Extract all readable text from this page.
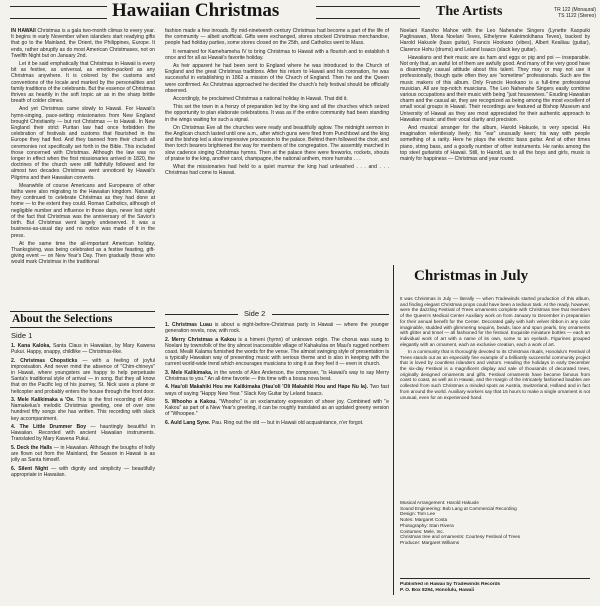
Hawaiian Christmas	The Artists	TR 122 (Monaural)
TS 1122 (Stereo)

IN HAWAII Christmas is a gala two-month climax to every year. It begins in early November when islanders start readying gifts that go to the Mainland, the Orient, the Philippines, Europe. It ends, rather abruptly as do most American Christmases, not on Twelfth Night but on January 2nd.

Let it be said emphatically that Christmas in Hawaii is every bit as festive, as universal, as emotion-packed as any Christmas anywhere. It is colored by the customs and conventions of the locale and marked by the personalities and family traditions of the celebrants. But the essence of Christmas thrives as heartily in the soft tropic air as in the sharp brittle breath of colder climes.

And yet Christmas came slowly to Hawaii. For Hawaii's hymn-singing, pace-setting missionaries from New England brought Christianity — but not Christmas — to Hawaii. In New England their strict Puritan law had once forbidden the celebration of festivals and customs that flourished in the Europe they had fled. And they banned from their church all ceremonies not specifically set forth in the Bible. This included those concerned with Christmas. Although the law was no longer in effect when the first missionaries arrived in 1820, the doctrines of the church were still faithfully followed and for almost two decades Christmas went unnoticed by Hawaii's Pilgrims and their Hawaiian converts.

Meanwhile of course Americans and Europeans of other faiths were also migrating to the Hawaiian kingdom. Naturally they continued to celebrate Christmas as they had done at home — to the extent they could. Roman Catholics, although of negligible number and influence in those days, never lost sight of the fact that Christmas was the anniversary of the Savior's birth. But Christmas went largely undeserved. It was a business-as-usual day and no notice was made of it in the press.

At the same time the all-important American holiday, Thanksgiving, was being celebrated as a festive feasting, gift-giving event — on New Year's Day. Then gradually those who would mark Christmas in the traditional

fashion made a few inroads. By mid-nineteenth century Christmas had become a part of the life of the community — albeit unofficial. Gifts were exchanged, stores stocked Christmas merchandise, people had holiday parties, some stores closed on the 25th, and Catholics went to Mass.

It remained for Kamehameha IV to bring Christmas to Hawaii with a flourish and to establish it once and for all as Hawaii's favorite holiday.

As heir apparent he had been sent to England where he was introduced to the Church of England and the great Christmas traditions. After his return to Hawaii and his coronation, he was successful in establishing in 1862 a mission of the Church of England. Then he and the Queen were confirmed. As Christmas approached he decided the church's holy festival should be officially observed.

Accordingly, he proclaimed Christmas a national holiday in Hawaii. That did it.

This set the town in a frenzy of preparation led by the king and all the churches which seized the opportunity to plan elaborate celebrations. It was as if the entire community had been standing in the wings waiting for such a signal.

On Christmas Eve all the churches were ready and beautifully aglow. The midnight sermon in the Anglican church lasted until one a.m., after which guns were fired from Punchbowl and the king and the bishop led a slow impressive procession to the palace. Behind them followed the choir, and then torch bearers brightened the way for members of the congregation. The assembly marched in slow cadence singing Christmas hymns. Then at the palace there were fireworks, rockets, shouts of praise to the king, another carol, champagne, the national anthem, more hurrahs . . .

What the missionaries had held to a quiet murmur the king had unleashed . . . and . . . Christmas had come to Hawaii.

Noelani Kanoho Mahoe with the Leo Nahenahe Singers (Lynette Kaopuiki Paglinawan, Mona Noelani Teves, Ethelynne Kaleimokihana Teves), backed by Harold Hakuole (bass guitar), Francis Hookano (vibes), Albert Kealiiau (guitar), Clarence Hohu (drums) and Leland Isaacs (slack key guitar).

Hawaiians and their music are as ham and eggs or pig and poi — inseparable. Not only that, an awful lot of them are awfully good. And many of the very good have a disarmingly casual attitude about this talent. They may or may not use it professionally, though quite often they are "sometime" professionals. Such are the music makers of this album. Only Francis Hookano is a full-time professional musician. All are top-notch musicians. The Leo Nahenahe Singers easily combine various occupations and their music with being "just housewives." Exuding Hawaiian charm and the casual air, they are recognized as being among the most excellent of small vocal groups in Hawaii. Their recordings are featured at Bishop Museum and University of Hawaii as they are most appreciated for their authentic approach to Hawaiian music and their vocal clarity and precision.

And musical arranger for the album, Harold Hakuole, is very special. His imagination relentlessly lively; his "ear" unusually keen; his way with people something of a rarity. Here he plays the electric bass guitar. And at other times piano, string bass, and a goodly number of other instruments. He ranks among the top steel guitarists of Hawaii. Still, to Harold, as to all the boys and girls, music is mainly for happiness — Christmas and year round.

About the Selections
Side 1
Side 2

1. Kana Kaloka, Santa Claus in Hawaiian, by Mary Kawena Pukui. Happy, snappy, childlike — Christmas-like.

2. Christmas Chopsticks — with a feeling of joyful improvisation. And never mind the absence of "Chim-chineys" in Hawaii, where youngsters are happy to help perpetuate Santa's traditional style of arrival — in song. But they all know that on the Pacific leg of his journey, St. Nick uses a plane or helicopter and probably enters the house through the front door.

3. Mele Kalikimaka a 'Oe. This is the first recording of Alice Namakelua's melodic Christmas greeting, one of over one hundred fifty songs she has written. This recording with slack key accompaniment.

4. The Little Drummer Boy — hauntingly beautiful in Hawaiian. Recorded with ancient Hawaiian instruments. Translated by Mary Kawena Pukui.

5. Deck the Halls — in Hawaiian. Although the boughs of holly are flown out from the Mainland, the Season in Hawaii is as jolly as Santa himself.

6. Silent Night — with dignity and simplicity — beautifully appropriate in Hawaiian.

1. Christmas Luau is about a night-before-Christmas party in Hawaii — where the younger generation revels, now, with rock.

2. Merry Christmas a Kakou is a himeni (hymn) of unknown origin. The chorus was sung to Noelani by townsfolk of the tiny almost inaccessible village of Kahakuloa on Maui's rugged northern coast. Mealii Kalama furnished the words for the verse. The almost swinging style of presentation is a typically Hawaiian way of presenting music with serious theme and is also in keeping with the current world-wide trend which encourages musicians to sing it as they feel it — even in church.

3. Mele Kalikimaka, in the words of Alex Anderson, the composer, "is Hawaii's way to say Merry Christmas to you." An all-time favorite — this time with a bossa nova beat.

4. Hau'oli Makahiki Hou me Kalikimaka (Hau'oli 'Oli Makahiki Hou and Hape Nu Ia). Two fast ways of saying "Happy New Year." Slack Key Guitar by Leland Isaacs.

5. Whooho a Kakou. "Whooho" is an exclamatory expression of sheer joy. Combined with "e Kakou" as part of a New Year's greeting, it can be roughly translated as an updated greeny version of "Whoopee."

6. Auld Lang Syne. Pau. Ring out the old — but in Hawaii old acquaintance, n'er forgot.

Christmas in July

It was Christmas in July — literally — when Tradewinds started production of this album, and finding elegant Christmas props could have been a tedious task. At the ready, however, were the dazzling Festival of Trees ornaments complete with Christmas tree that members of the Queen's Medical Center Auxiliary work on from January to December in preparation for their annual benefit for the Center. Decorated gaily with lush velvet ribbon in any color imaginable, studded with glimmering sequins, beads, lace and spun pearls, tiny ornaments with glitter and tinsel — all fashioned for the festival. Exquisite miniature bottles — each an individual work of art with a name of its own, some to an eyelash. Figurines grouped elegantly with an ornament, each an exclusive creation, each a work of art.

In a community that is thoroughly devoted to its Christmas rituals, Honolulu's Festival of Trees stands out as an especially fine example of a brilliantly successful community project that is loved by countless islanders and visitors. Heading the holidays in early December the six-day Festival is a magnificent display and sale of thousands of decorated trees, originally designed ornaments and gifts. Festival ornaments have become famous from coast to coast, as well as in Hawaii, and the margin of the intricately fashioned baubles are collected from such Christmas a minded spots as Austria, Switzerland, Holland and in fact from around the world. Auxiliary workers say that 15 hours to make a single ornament is not unusual, even for an experienced hand.

Musical Arrangement: Harold Hakuole

Sound Engineering: Bob Lang at Commercial Recording

Design: Tom Lee

Notes: Margaret Costa

Photography: Stan Rivera

Costumes: Mele, Inc.

Christmas tree and ornaments: Courtesy Festival of Trees

Producer: Margaret Williams

Published in Hawaii by Tradewinds Records

P. O. Box 8294, Honolulu, Hawaii
